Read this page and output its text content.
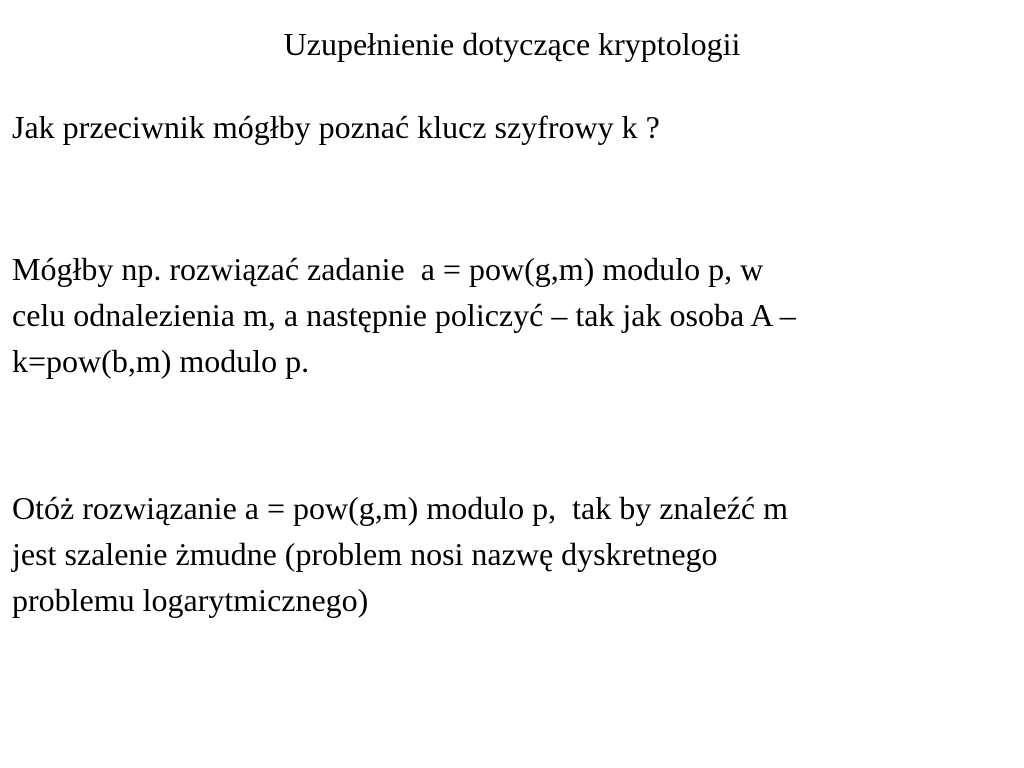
Uzupełnienie dotyczące kryptologii
Jak przeciwnik mógłby poznać klucz szyfrowy k ?
Mógłby np. rozwiązać zadanie  a = pow(g,m) modulo p, w
celu odnalezienia m, a następnie policzyć – tak jak osoba A –
k=pow(b,m) modulo p.
Otóż rozwiązanie a = pow(g,m) modulo p,  tak by znaleźć m
jest szalenie żmudne (problem nosi nazwę dyskretnego
problemu logarytmicznego)
